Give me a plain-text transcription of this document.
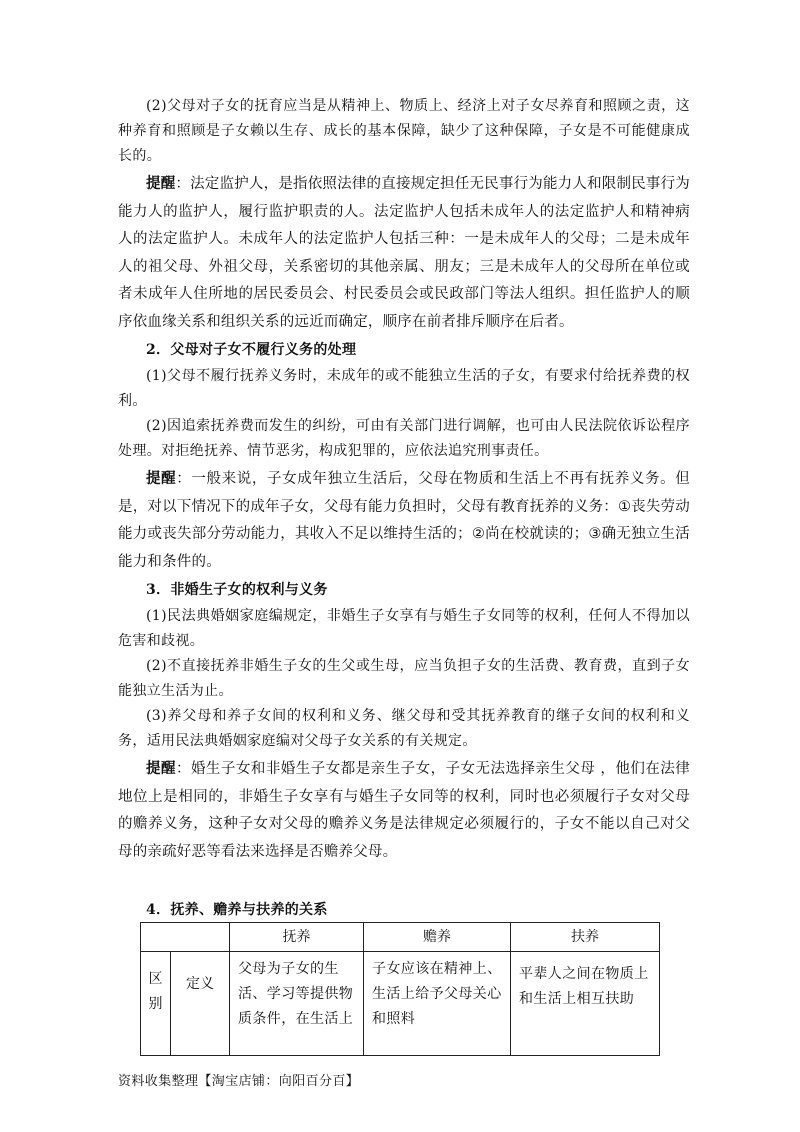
(2)父母对子女的抚育应当是从精神上、物质上、经济上对子女尽养育和照顾之责，这种养育和照顾是子女赖以生存、成长的基本保障，缺少了这种保障，子女是不可能健康成长的。

提醒：法定监护人，是指依照法律的直接规定担任无民事行为能力人和限制民事行为能力人的监护人，履行监护职责的人。法定监护人包括未成年人的法定监护人和精神病人的法定监护人。未成年人的法定监护人包括三种：一是未成年人的父母；二是未成年人的祖父母、外祖父母，关系密切的其他亲属、朋友；三是未成年人的父母所在单位或者未成年人住所地的居民委员会、村民委员会或民政部门等法人组织。担任监护人的顺序依血缘关系和组织关系的远近而确定，顺序在前者排斥顺序在后者。

2．父母对子女不履行义务的处理

(1)父母不履行抚养义务时，未成年的或不能独立生活的子女，有要求付给抚养费的权利。

(2)因追索抚养费而发生的纠纷，可由有关部门进行调解，也可由人民法院依诉讼程序处理。对拒绝抚养、情节恶劣，构成犯罪的，应依法追究刑事责任。

提醒：一般来说，子女成年独立生活后，父母在物质和生活上不再有抚养义务。但是，对以下情况下的成年子女，父母有能力负担时，父母有教育抚养的义务：①丧失劳动能力或丧失部分劳动能力，其收入不足以维持生活的；②尚在校就读的；③确无独立生活能力和条件的。

3．非婚生子女的权利与义务

(1)民法典婚姻家庭编规定，非婚生子女享有与婚生子女同等的权利，任何人不得加以危害和歧视。

(2)不直接抚养非婚生子女的生父或生母，应当负担子女的生活费、教育费，直到子女能独立生活为止。

(3)养父母和养子女间的权利和义务、继父母和受其抚养教育的继子女间的权利和义务，适用民法典婚姻家庭编对父母子女关系的有关规定。

提醒：婚生子女和非婚生子女都是亲生子女，子女无法选择亲生父母 ，他们在法律地位上是相同的，非婚生子女享有与婚生子女同等的权利，同时也必须履行子女对父母的赡养义务，这种子女对父母的赡养义务是法律规定必须履行的，子女不能以自己对父母的亲疏好恶等看法来选择是否赡养父母。

4．抚养、赡养与扶养的关系
		抚养	赡养	扶养

区别	定义	父母为子女的生活、学习等提供物质条件，在生活上	子女应该在精神上、生活上给予父母关心和照料	平辈人之间在物质上和生活上相互扶助
资料收集整理【淘宝店铺：向阳百分百】
